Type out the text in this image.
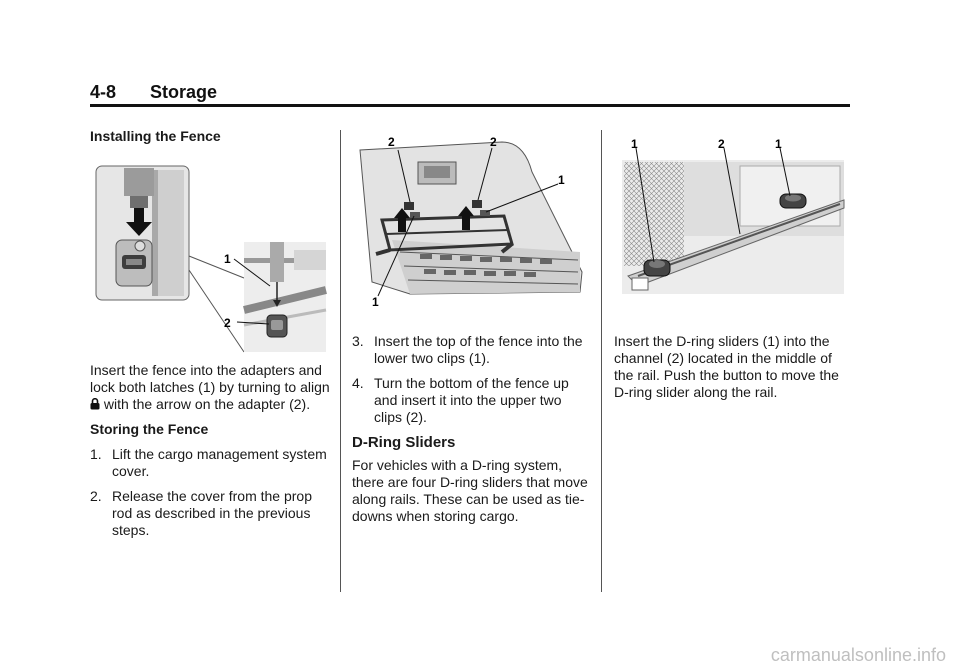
4-8 Storage

Installing the Fence

1
2

Insert the fence into the adapters and lock both latches (1) by turning to align  with the arrow on the adapter (2).

Storing the Fence

1. Lift the cargo management system cover.
2. Release the cover from the prop rod as described in the previous steps.
2	2
1
1
3. Insert the top of the fence into the lower two clips (1).
4. Turn the bottom of the fence up and insert it into the upper two clips (2).
D-Ring Sliders

For vehicles with a D-ring system, there are four D-ring sliders that move along rails. These can be used as tie-downs when storing cargo.

1	2	1

Insert the D-ring sliders (1) into the channel (2) located in the middle of the rail. Push the button to move the D-ring slider along the rail.

carmanualsonline.info
